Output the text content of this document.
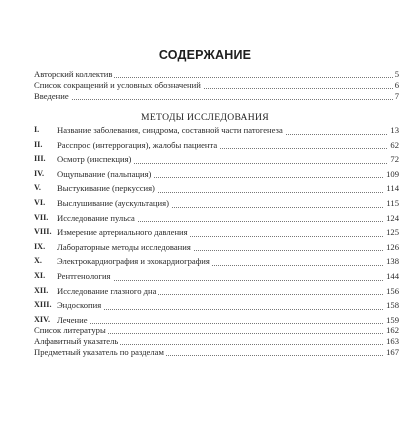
СОДЕРЖАНИЕ
Авторский коллектив	5
Список сокращений и условных обозначений	6
Введение	7
МЕТОДЫ ИССЛЕДОВАНИЯ
I. Название заболевания, синдрома, составной части патогенеза	13
II. Расспрос (интеррогация), жалобы пациента	62
III. Осмотр (инспекция)	72
IV. Ощупывание (пальпация)	109
V. Выстукивание (перкуссия)	114
VI. Выслушивание (аускультация)	115
VII. Исследование пульса	124
VIII. Измерение артериального давления	125
IX. Лабораторные методы исследования	126
X. Электрокардиография и эхокардиография	138
XI. Рентгенология	144
XII. Исследование глазного дна	156
XIII. Эндоскопия	158
XIV. Лечение	159
Список литературы	162
Алфавитный указатель	163
Предметный указатель по разделам	167
